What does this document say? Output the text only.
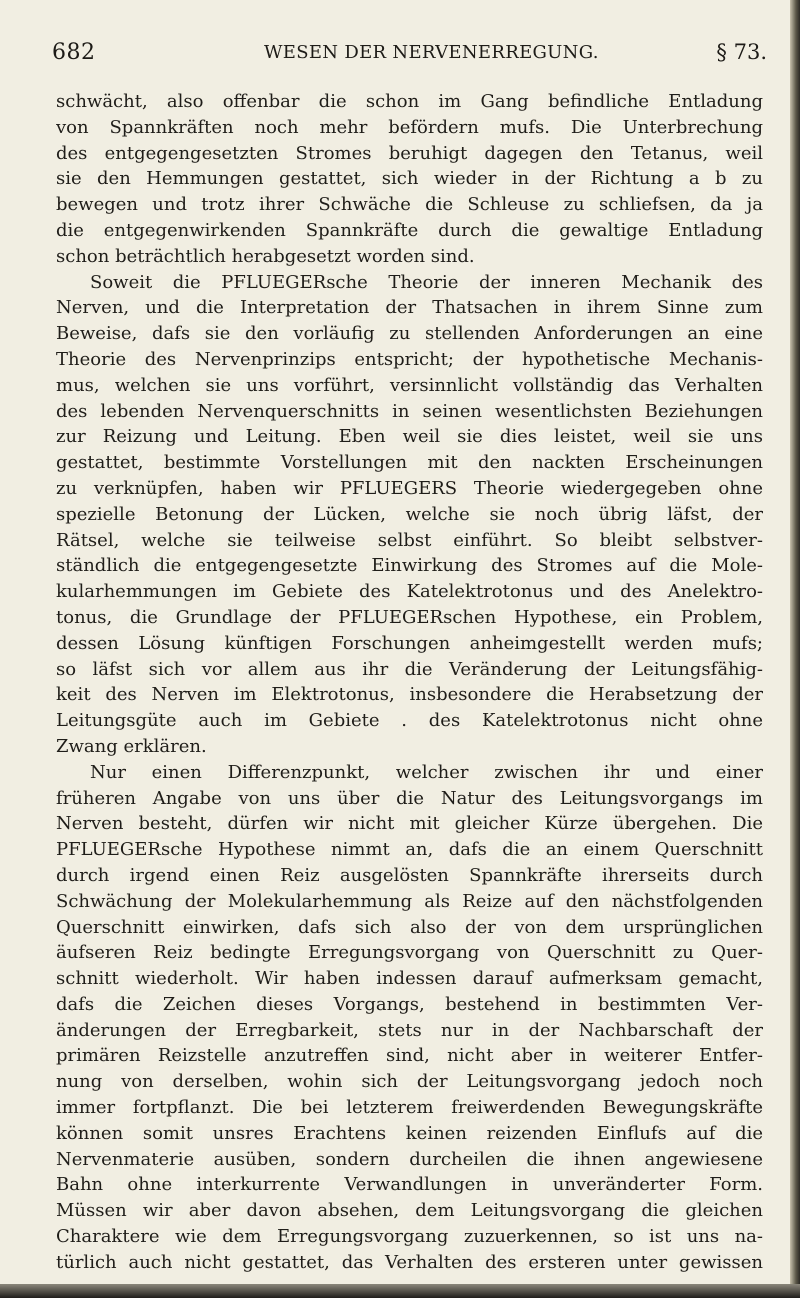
682	WESEN DER NERVENERREGUNG.	§ 73.
schwächt, also offenbar die schon im Gang befindliche Entladung
von Spannkräften noch mehr befördern mufs. Die Unterbrechung
des entgegengesetzten Stromes beruhigt dagegen den Tetanus, weil
sie den Hemmungen gestattet, sich wieder in der Richtung a b zu
bewegen und trotz ihrer Schwäche die Schleuse zu schliefsen, da ja
die entgegenwirkenden Spannkräfte durch die gewaltige Entladung
schon beträchtlich herabgesetzt worden sind.
Soweit die PFLUEGERsche Theorie der inneren Mechanik des
Nerven, und die Interpretation der Thatsachen in ihrem Sinne zum
Beweise, dafs sie den vorläufig zu stellenden Anforderungen an eine
Theorie des Nervenprinzips entspricht; der hypothetische Mechanis-
mus, welchen sie uns vorführt, versinnlicht vollständig das Verhalten
des lebenden Nervenquerschnitts in seinen wesentlichsten Beziehungen
zur Reizung und Leitung. Eben weil sie dies leistet, weil sie uns
gestattet, bestimmte Vorstellungen mit den nackten Erscheinungen
zu verknüpfen, haben wir PFLUEGERS Theorie wiedergegeben ohne
spezielle Betonung der Lücken, welche sie noch übrig läfst, der
Rätsel, welche sie teilweise selbst einführt. So bleibt selbstver-
ständlich die entgegengesetzte Einwirkung des Stromes auf die Mole-
kularhemmungen im Gebiete des Katelektrotonus und des Anelektro-
tonus, die Grundlage der PFLUEGERschen Hypothese, ein Problem,
dessen Lösung künftigen Forschungen anheimgestellt werden mufs;
so läfst sich vor allem aus ihr die Veränderung der Leitungsfähig-
keit des Nerven im Elektrotonus, insbesondere die Herabsetzung der
Leitungsgüte auch im Gebiete . des Katelektrotonus nicht ohne
Zwang erklären.
Nur einen Differenzpunkt, welcher zwischen ihr und einer
früheren Angabe von uns über die Natur des Leitungsvorgangs im
Nerven besteht, dürfen wir nicht mit gleicher Kürze übergehen. Die
PFLUEGERsche Hypothese nimmt an, dafs die an einem Querschnitt
durch irgend einen Reiz ausgelösten Spannkräfte ihrerseits durch
Schwächung der Molekularhemmung als Reize auf den nächstfolgenden
Querschnitt einwirken, dafs sich also der von dem ursprünglichen
äufseren Reiz bedingte Erregungsvorgang von Querschnitt zu Quer-
schnitt wiederholt. Wir haben indessen darauf aufmerksam gemacht,
dafs die Zeichen dieses Vorgangs, bestehend in bestimmten Ver-
änderungen der Erregbarkeit, stets nur in der Nachbarschaft der
primären Reizstelle anzutreffen sind, nicht aber in weiterer Entfer-
nung von derselben, wohin sich der Leitungsvorgang jedoch noch
immer fortpflanzt. Die bei letzterem freiwerdenden Bewegungskräfte
können somit unsres Erachtens keinen reizenden Einflufs auf die
Nervenmaterie ausüben, sondern durcheilen die ihnen angewiesene
Bahn ohne interkurrente Verwandlungen in unveränderter Form.
Müssen wir aber davon absehen, dem Leitungsvorgang die gleichen
Charaktere wie dem Erregungsvorgang zuzuerkennen, so ist uns na-
türlich auch nicht gestattet, das Verhalten des ersteren unter gewissen
